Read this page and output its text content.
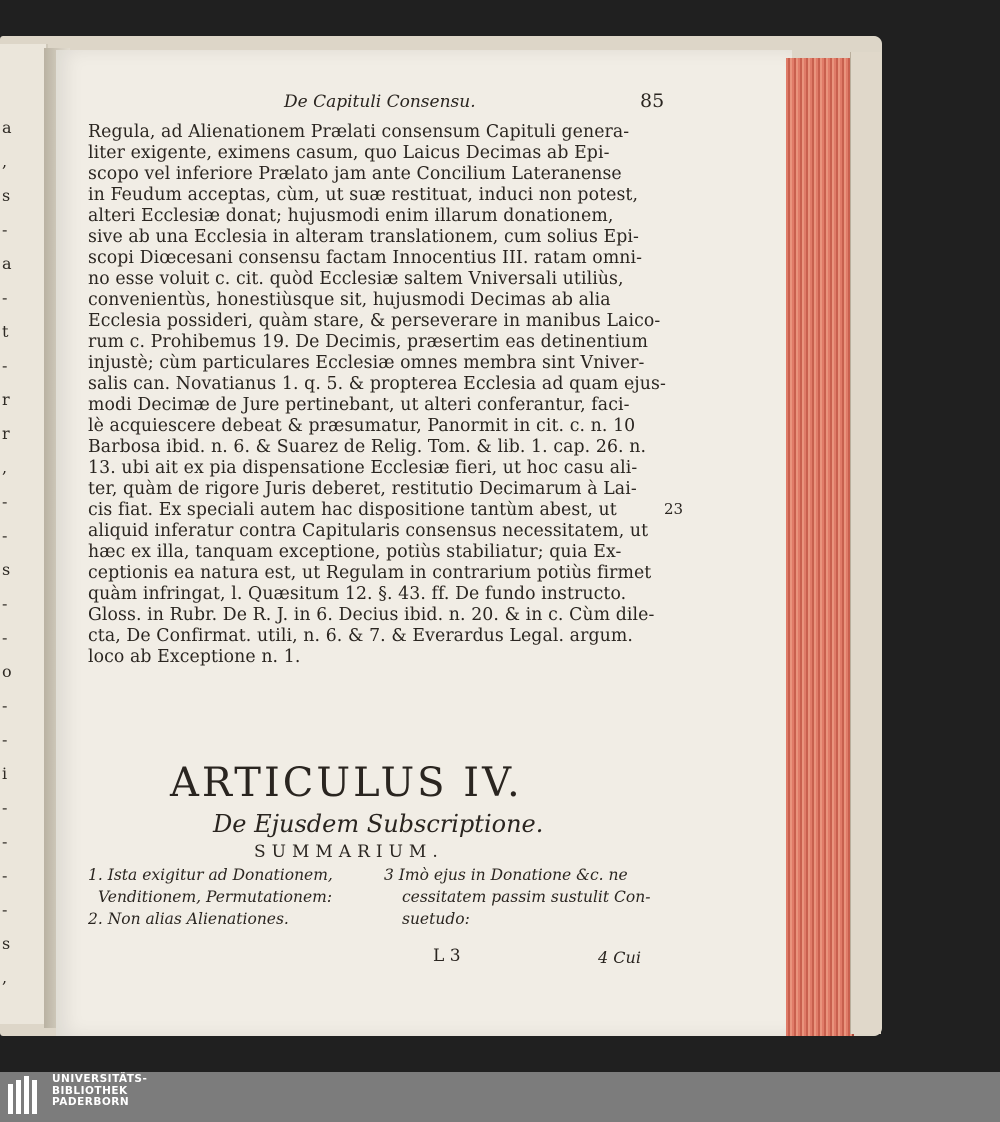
a
,
s
-
a
-
t
-
r
r
,
-
-
s
-
-
o
-
-
i
-
-
-
-
s
,
De Capituli Consensu.	85
Regula, ad Alienationem Prælati consensum Capituli genera-
liter exigente, eximens casum, quo Laicus Decimas ab Epi-
scopo vel inferiore Prælato jam ante Concilium Lateranense
in Feudum acceptas, cùm, ut suæ restituat, induci non potest,
alteri Ecclesiæ donat; hujusmodi enim illarum donationem,
sive ab una Ecclesia in alteram translationem, cum solius Epi-
scopi Diœcesani consensu factam Innocentius III. ratam omni-
no esse voluit c. cit. quòd Ecclesiæ saltem Vniversali utiliùs,
convenientùs, honestiùsque sit, hujusmodi Decimas ab alia
Ecclesia possideri, quàm stare, & perseverare in manibus Laico-
rum c. Prohibemus 19. De Decimis, præsertim eas detinentium
injustè; cùm particulares Ecclesiæ omnes membra sint Vniver-
salis can. Novatianus 1. q. 5. & propterea Ecclesia ad quam ejus-
modi Decimæ de Jure pertinebant, ut alteri conferantur, faci-
lè acquiescere debeat & præsumatur, Panormit in cit. c. n. 10
Barbosa ibid. n. 6. & Suarez de Relig. Tom. & lib. 1. cap. 26. n.
13. ubi ait ex pia dispensatione Ecclesiæ fieri, ut hoc casu ali-
ter, quàm de rigore Juris deberet, restitutio Decimarum à Lai-
cis fiat. Ex speciali autem hac dispositione tantùm abest, ut	23
aliquid inferatur contra Capitularis consensus necessitatem, ut
hæc ex illa, tanquam exceptione, potiùs stabiliatur; quia Ex-
ceptionis ea natura est, ut Regulam in contrarium potiùs firmet
quàm infringat, l. Quæsitum 12. §. 43. ff. De fundo instructo.
Gloss. in Rubr. De R. J. in 6. Decius ibid. n. 20. & in c. Cùm dile-
cta, De Confirmat. utili, n. 6. & 7. & Everardus Legal. argum.
loco ab Exceptione n. 1.
ARTICULUS IV.
De Ejusdem Subscriptione.
SUMMARIUM.
1. Ista exigitur ad Donationem,
Venditionem, Permutationem:
2. Non alias Alienationes.
3 Imò ejus in Donatione &c. ne
cessitatem passim sustulit Con-
suetudo:
L 3	4 Cui
UNIVERSITÄTS-
BIBLIOTHEK
PADERBORN
